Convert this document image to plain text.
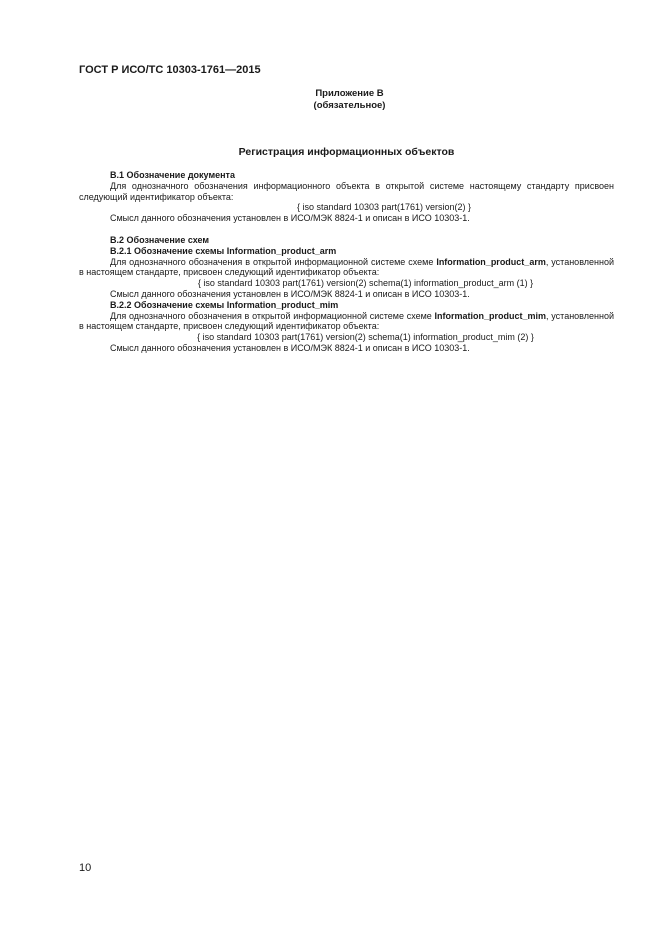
ГОСТ Р ИСО/ТС 10303-1761—2015
Приложение В
(обязательное)
Регистрация информационных объектов
В.1 Обозначение документа
Для однозначного обозначения информационного объекта в открытой системе настоящему стандарту присвоен следующий идентификатор объекта:
{ iso standard 10303 part(1761) version(2) }
Смысл данного обозначения установлен в ИСО/МЭК 8824-1 и описан в ИСО 10303-1.
В.2 Обозначение схем
В.2.1 Обозначение схемы Information_product_arm
Для однозначного обозначения в открытой информационной системе схеме Information_product_arm, установленной в настоящем стандарте, присвоен следующий идентификатор объекта:
{ iso standard 10303 part(1761) version(2) schema(1) information_product_arm (1) }
Смысл данного обозначения установлен в ИСО/МЭК 8824-1 и описан в ИСО 10303-1.
В.2.2 Обозначение схемы Information_product_mim
Для однозначного обозначения в открытой информационной системе схеме Information_product_mim, установленной в настоящем стандарте, присвоен следующий идентификатор объекта:
{ iso standard 10303 part(1761) version(2) schema(1) information_product_mim (2) }
Смысл данного обозначения установлен в ИСО/МЭК 8824-1 и описан в ИСО 10303-1.
10
